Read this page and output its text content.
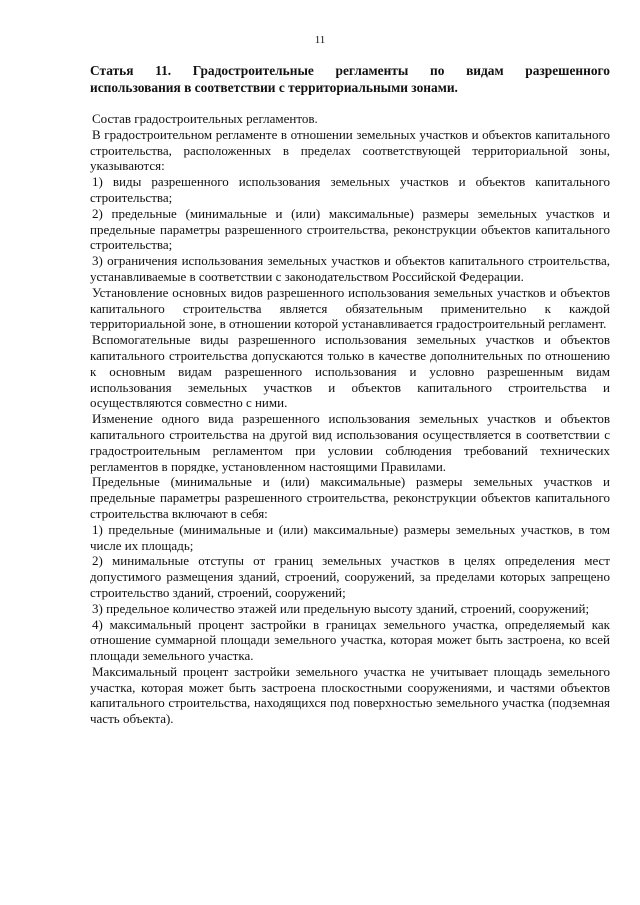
11
Статья 11. Градостроительные регламенты по видам разрешенного
использования в соответствии с территориальными зонами.

Состав градостроительных регламентов.

В градостроительном регламенте в отношении земельных участков и объектов капитального строительства, расположенных в пределах соответствующей территориальной зоны, указываются:

1) виды разрешенного использования земельных участков и объектов капитального строительства;

2) предельные (минимальные и (или) максимальные) размеры земельных участков и предельные параметры разрешенного строительства, реконструкции объектов капитального строительства;

3) ограничения использования земельных участков и объектов капитального строительства, устанавливаемые в соответствии с законодательством Российской Федерации.

Установление основных видов разрешенного использования земельных участков и объектов капитального строительства является обязательным применительно к каждой территориальной зоне, в отношении которой устанавливается градостроительный регламент.

Вспомогательные виды разрешенного использования земельных участков и объектов капитального строительства допускаются только в качестве дополнительных по отношению к основным видам разрешенного использования и условно разрешенным видам использования земельных участков и объектов капитального строительства и осуществляются совместно с ними.

Изменение одного вида разрешенного использования земельных участков и объектов капитального строительства на другой вид использования осуществляется в соответствии с градостроительным регламентом при условии соблюдения требований технических регламентов в порядке, установленном настоящими Правилами.

Предельные (минимальные и (или) максимальные) размеры земельных участков и предельные параметры разрешенного строительства, реконструкции объектов капитального строительства включают в себя:

1) предельные (минимальные и (или) максимальные) размеры земельных участков, в том числе их площадь;

2) минимальные отступы от границ земельных участков в целях определения мест допустимого размещения зданий, строений, сооружений, за пределами которых запрещено строительство зданий, строений, сооружений;

3) предельное количество этажей или предельную высоту зданий, строений, сооружений;

4) максимальный процент застройки в границах земельного участка, определяемый как отношение суммарной площади земельного участка, которая может быть застроена, ко всей площади земельного участка.

Максимальный процент застройки земельного участка не учитывает площадь земельного участка, которая может быть застроена плоскостными сооружениями, и частями объектов капитального строительства, находящихся под поверхностью земельного участка (подземная часть объекта).
